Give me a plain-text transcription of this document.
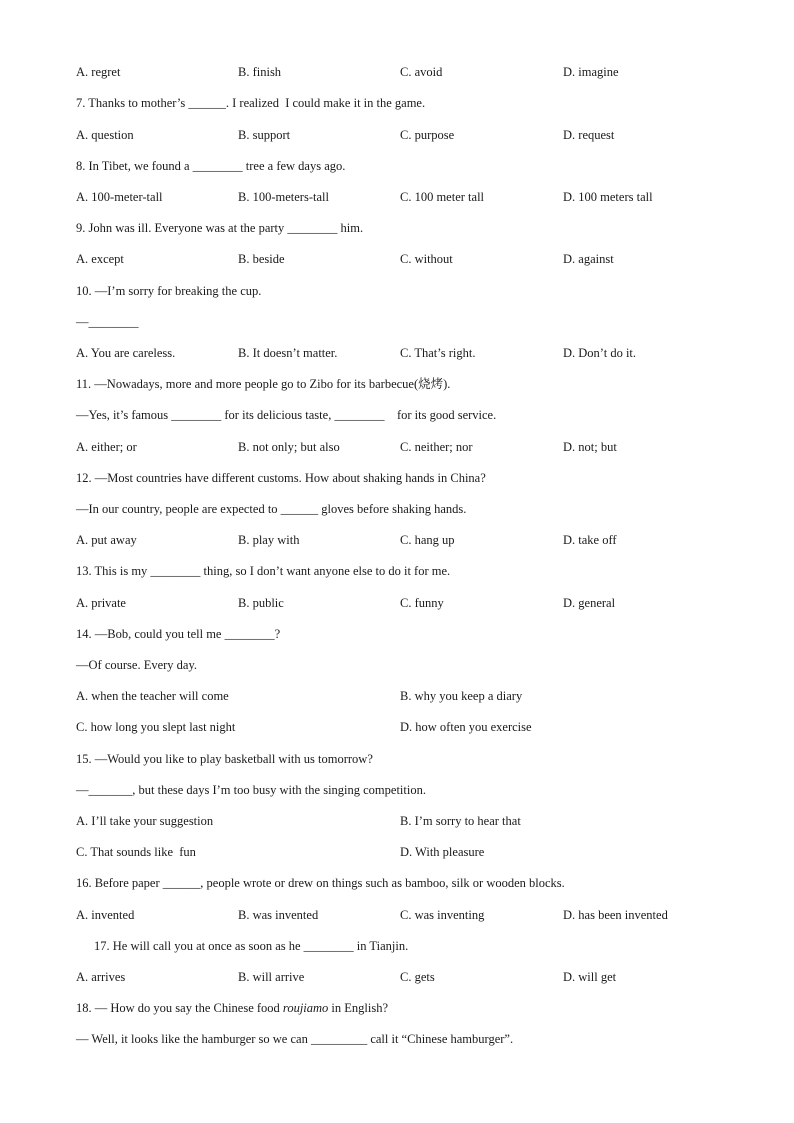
A. regret	B. finish	C. avoid	D. imagine
7. Thanks to mother’s ______. I realized  I could make it in the game.
A. question	B. support	C. purpose	D. request
8. In Tibet, we found a ________ tree a few days ago.
A. 100-meter-tall	B. 100-meters-tall	C. 100 meter tall	D. 100 meters tall
9. John was ill. Everyone was at the party ________ him.
A. except	B. beside	C. without	D. against
10. —I’m sorry for breaking the cup.
—________
A. You are careless.	B. It doesn’t matter.	C. That’s right.	D. Don’t do it.
11. —Nowadays, more and more people go to Zibo for its barbecue(烧烤).
—Yes, it’s famous ________ for its delicious taste, ________    for its good service.
A. either; or	B. not only; but also	C. neither; nor	D. not; but
12. —Most countries have different customs. How about shaking hands in China?
—In our country, people are expected to ______ gloves before shaking hands.
A. put away	B. play with	C. hang up	D. take off
13. This is my ________ thing, so I don’t want anyone else to do it for me.
A. private	B. public	C. funny	D. general
14. —Bob, could you tell me ________?
—Of course. Every day.
A. when the teacher will come	B. why you keep a diary
C. how long you slept last night	D. how often you exercise
15. —Would you like to play basketball with us tomorrow?
—_______, but these days I’m too busy with the singing competition.
A. I’ll take your suggestion	B. I’m sorry to hear that
C. That sounds like  fun	D. With pleasure
16. Before paper ______, people wrote or drew on things such as bamboo, silk or wooden blocks.
A. invented	B. was invented	C. was inventing	D. has been invented
17. He will call you at once as soon as he ________ in Tianjin.
A. arrives	B. will arrive	C. gets	D. will get
18. — How do you say the Chinese food roujiamo in English?
— Well, it looks like the hamburger so we can _________ call it “Chinese hamburger”.
